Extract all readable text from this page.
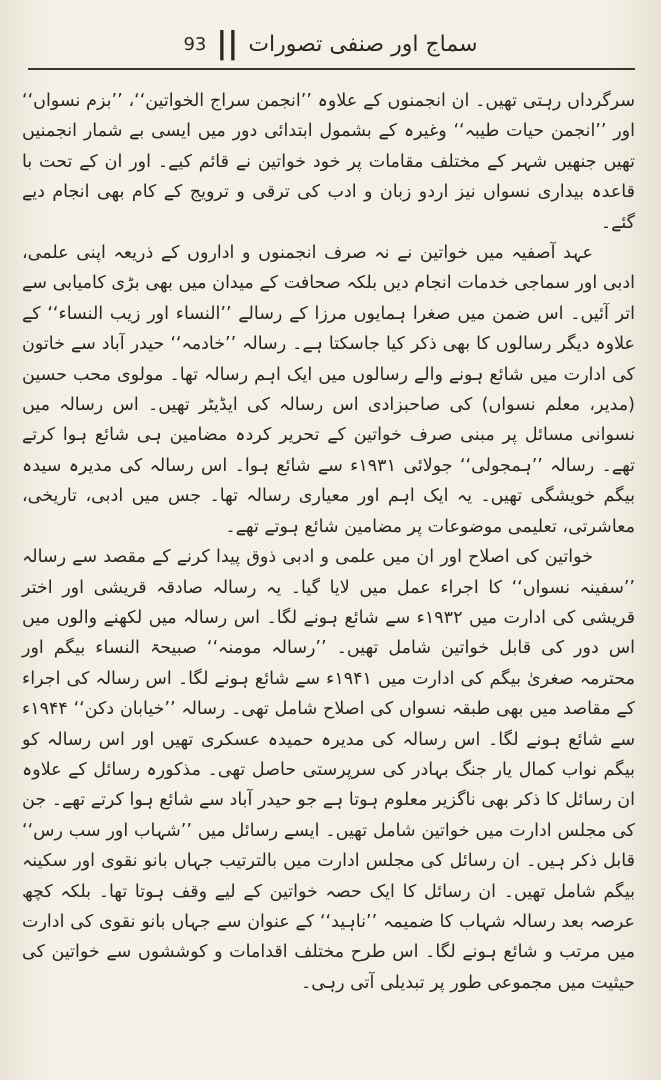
93 || سماج اور صنفی تصورات

سرگرداں رہتی تھیں۔ ان انجمنوں کے علاوہ ’’انجمن سراج الخواتین‘‘، ’’بزم نسواں‘‘ اور ’’انجمن حیات طیبہ‘‘ وغیرہ کے بشمول ابتدائی دور میں ایسی بے شمار انجمنیں تھیں جنھیں شہر کے مختلف مقامات پر خود خواتین نے قائم کیے۔ اور ان کے تحت با قاعدہ بیداری نسواں نیز اردو زبان و ادب کی ترقی و ترویج کے کام بھی انجام دیے گئے۔

عہد آصفیہ میں خواتین نے نہ صرف انجمنوں و اداروں کے ذریعہ اپنی علمی، ادبی اور سماجی خدمات انجام دیں بلکہ صحافت کے میدان میں بھی بڑی کامیابی سے اتر آئیں۔ اس ضمن میں صغرا ہمایوں مرزا کے رسالے ’’النساء اور زیب النساء‘‘ کے علاوہ دیگر رسالوں کا بھی ذکر کیا جاسکتا ہے۔ رسالہ ’’خادمہ‘‘ حیدر آباد سے خاتون کی ادارت میں شائع ہونے والے رسالوں میں ایک اہم رسالہ تھا۔ مولوی محب حسین (مدیر، معلم نسواں) کی صاحبزادی اس رسالہ کی ایڈیٹر تھیں۔ اس رسالہ میں نسوانی مسائل پر مبنی صرف خواتین کے تحریر کردہ مضامین ہی شائع ہوا کرتے تھے۔ رسالہ ’’ہمجولی‘‘ جولائی ۱۹۳۱ء سے شائع ہوا۔ اس رسالہ کی مدیرہ سیدہ بیگم خویشگی تھیں۔ یہ ایک اہم اور معیاری رسالہ تھا۔ جس میں ادبی، تاریخی، معاشرتی، تعلیمی موضوعات پر مضامین شائع ہوتے تھے۔

خواتین کی اصلاح اور ان میں علمی و ادبی ذوق پیدا کرنے کے مقصد سے رسالہ ’’سفینہ نسواں‘‘ کا اجراء عمل میں لایا گیا۔ یہ رسالہ صادقہ قریشی اور اختر قریشی کی ادارت میں ۱۹۳۲ء سے شائع ہونے لگا۔ اس رسالہ میں لکھنے والوں میں اس دور کی قابل خواتین شامل تھیں۔ ’’رسالہ مومنہ‘‘ صبیحۃ النساء بیگم اور محترمہ صغریٰ بیگم کی ادارت میں ۱۹۴۱ء سے شائع ہونے لگا۔ اس رسالہ کی اجراء کے مقاصد میں بھی طبقہ نسواں کی اصلاح شامل تھی۔ رسالہ ’’خیابان دکن‘‘ ۱۹۴۴ء سے شائع ہونے لگا۔ اس رسالہ کی مدیرہ حمیدہ عسکری تھیں اور اس رسالہ کو بیگم نواب کمال یار جنگ بہادر کی سرپرستی حاصل تھی۔ مذکورہ رسائل کے علاوہ ان رسائل کا ذکر بھی ناگزیر معلوم ہوتا ہے جو حیدر آباد سے شائع ہوا کرتے تھے۔ جن کی مجلس ادارت میں خواتین شامل تھیں۔ ایسے رسائل میں ’’شہاب اور سب رس‘‘ قابل ذکر ہیں۔ ان رسائل کی مجلس ادارت میں بالترتیب جہاں بانو نقوی اور سکینہ بیگم شامل تھیں۔ ان رسائل کا ایک حصہ خواتین کے لیے وقف ہوتا تھا۔ بلکہ کچھ عرصہ بعد رسالہ شہاب کا ضمیمہ ’’ناہید‘‘ کے عنوان سے جہاں بانو نقوی کی ادارت میں مرتب و شائع ہونے لگا۔ اس طرح مختلف اقدامات و کوششوں سے خواتین کی حیثیت میں مجموعی طور پر تبدیلی آتی رہی۔
